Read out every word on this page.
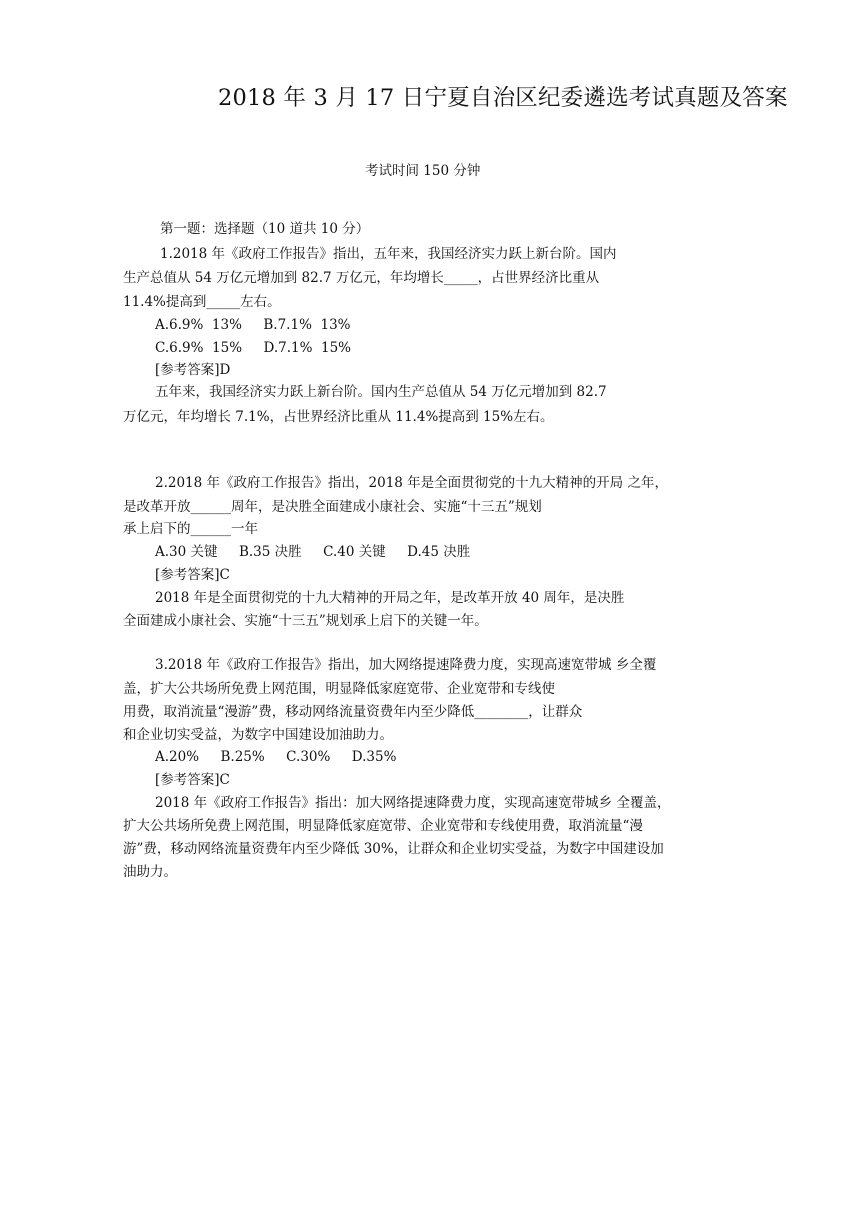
2018 年 3 月 17 日宁夏自治区纪委遴选考试真题及答案
考试时间 150 分钟
第一题：选择题（10 道共 10 分）
1.2018 年《政府工作报告》指出，五年来，我国经济实力跃上新台阶。国内
生产总值从 54 万亿元增加到 82.7 万亿元，年均增长_____，占世界经济比重从
11.4%提高到_____左右。
A.6.9%  13%     B.7.1%  13%
C.6.9%  15%     D.7.1%  15%
[参考答案]D
五年来，我国经济实力跃上新台阶。国内生产总值从 54 万亿元增加到 82.7
万亿元，年均增长 7.1%，占世界经济比重从 11.4%提高到 15%左右。
2.2018 年《政府工作报告》指出，2018 年是全面贯彻党的十九大精神的开局 之年，
是改革开放______周年，是决胜全面建成小康社会、实施“十三五”规划
承上启下的______一年
A.30 关键     B.35 决胜     C.40 关键     D.45 决胜
[参考答案]C
2018 年是全面贯彻党的十九大精神的开局之年，是改革开放 40 周年，是决胜
全面建成小康社会、实施“十三五”规划承上启下的关键一年。
3.2018 年《政府工作报告》指出，加大网络提速降费力度，实现高速宽带城 乡全覆
盖，扩大公共场所免费上网范围，明显降低家庭宽带、企业宽带和专线使
用费，取消流量“漫游”费，移动网络流量资费年内至少降低________，让群众
和企业切实受益，为数字中国建设加油助力。
A.20%     B.25%     C.30%     D.35%
[参考答案]C
2018 年《政府工作报告》指出：加大网络提速降费力度，实现高速宽带城乡 全覆盖，
扩大公共场所免费上网范围，明显降低家庭宽带、企业宽带和专线使用费，取消流量“漫
游”费，移动网络流量资费年内至少降低 30%，让群众和企业切实受益，为数字中国建设加
油助力。
